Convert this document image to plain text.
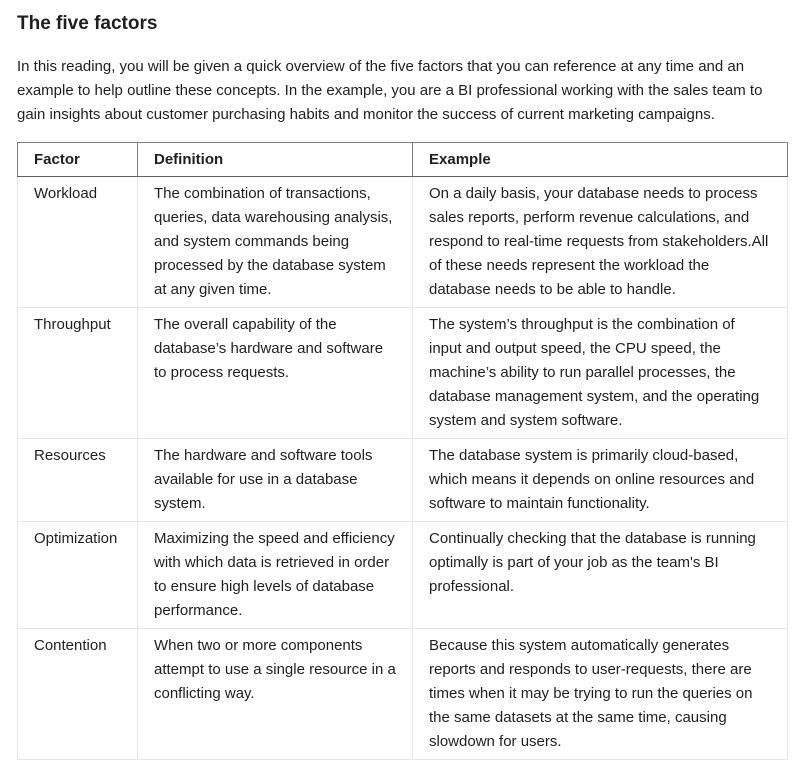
The five factors

In this reading, you will be given a quick overview of the five factors that you can reference at any time and an example to help outline these concepts. In the example, you are a BI professional working with the sales team to gain insights about customer purchasing habits and monitor the success of current marketing campaigns.

Factor	Definition	Example
Workload	The combination of transactions, queries, data warehousing analysis, and system commands being processed by the database system at any given time.	On a daily basis, your database needs to process sales reports, perform revenue calculations, and respond to real-time requests from stakeholders.All of these needs represent the workload the database needs to be able to handle.
Throughput	The overall capability of the database’s hardware and software to process requests.	The system’s throughput is the combination of input and output speed, the CPU speed, the machine’s ability to run parallel processes, the database management system, and the operating system and system software.
Resources	The hardware and software tools available for use in a database system.	The database system is primarily cloud-based, which means it depends on online resources and software to maintain functionality.
Optimization	Maximizing the speed and efficiency with which data is retrieved in order to ensure high levels of database performance.	Continually checking that the database is running optimally is part of your job as the team's BI professional.
Contention	When two or more components attempt to use a single resource in a conflicting way.	Because this system automatically generates reports and responds to user-requests, there are times when it may be trying to run the queries on the same datasets at the same time, causing slowdown for users.
